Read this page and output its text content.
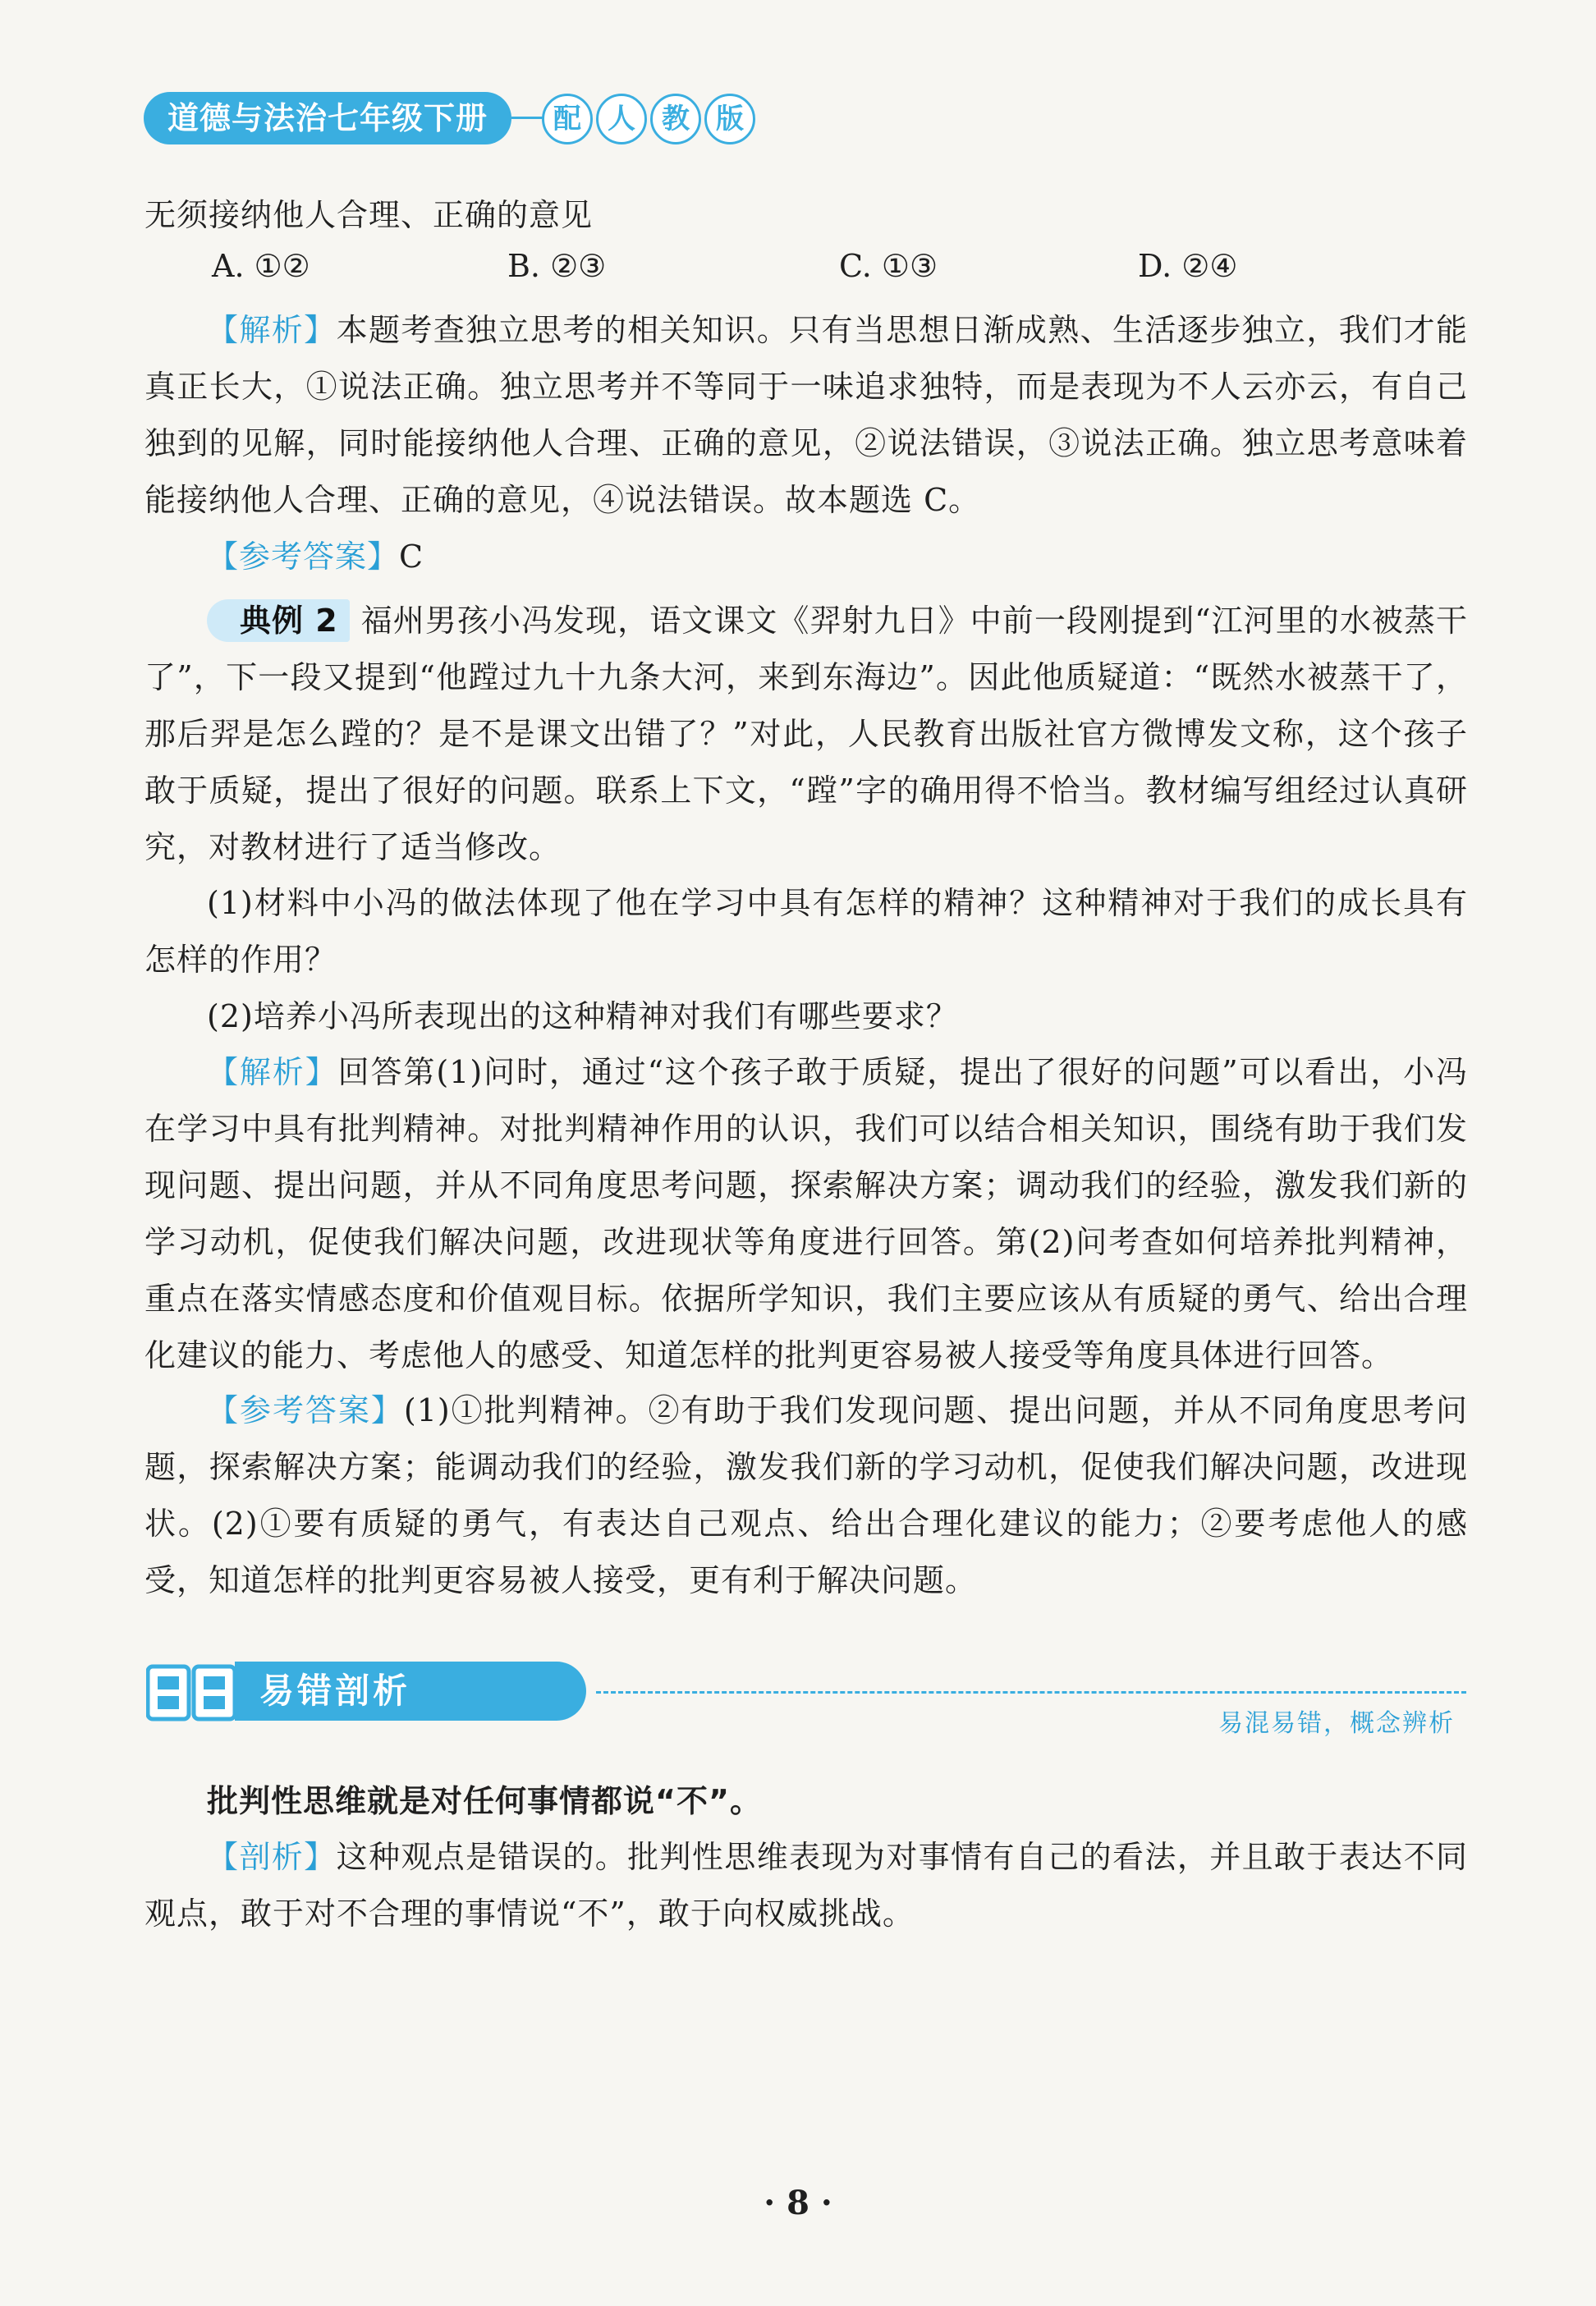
道德与法治七年级下册	配 人 教 版

无须接纳他人合理、正确的意见

A. ①②	B. ②③	C. ①③	D. ②④

【解析】本题考查独立思考的相关知识。只有当思想日渐成熟、生活逐步独立，我们才能真正长大，①说法正确。独立思考并不等同于一味追求独特，而是表现为不人云亦云，有自己独到的见解，同时能接纳他人合理、正确的意见，②说法错误，③说法正确。独立思考意味着能接纳他人合理、正确的意见，④说法错误。故本题选 C。

【参考答案】C

典例 2 福州男孩小冯发现，语文课文《羿射九日》中前一段刚提到“江河里的水被蒸干了”，下一段又提到“他蹚过九十九条大河，来到东海边”。因此他质疑道：“既然水被蒸干了，那后羿是怎么蹚的？是不是课文出错了？”对此，人民教育出版社官方微博发文称，这个孩子敢于质疑，提出了很好的问题。联系上下文，“蹚”字的确用得不恰当。教材编写组经过认真研究，对教材进行了适当修改。

(1)材料中小冯的做法体现了他在学习中具有怎样的精神？这种精神对于我们的成长具有怎样的作用？

(2)培养小冯所表现出的这种精神对我们有哪些要求？

【解析】回答第(1)问时，通过“这个孩子敢于质疑，提出了很好的问题”可以看出，小冯在学习中具有批判精神。对批判精神作用的认识，我们可以结合相关知识，围绕有助于我们发现问题、提出问题，并从不同角度思考问题，探索解决方案；调动我们的经验，激发我们新的学习动机，促使我们解决问题，改进现状等角度进行回答。第(2)问考查如何培养批判精神，重点在落实情感态度和价值观目标。依据所学知识，我们主要应该从有质疑的勇气、给出合理化建议的能力、考虑他人的感受、知道怎样的批判更容易被人接受等角度具体进行回答。

【参考答案】(1)①批判精神。②有助于我们发现问题、提出问题，并从不同角度思考问题，探索解决方案；能调动我们的经验，激发我们新的学习动机，促使我们解决问题，改进现状。(2)①要有质疑的勇气，有表达自己观点、给出合理化建议的能力；②要考虑他人的感受，知道怎样的批判更容易被人接受，更有利于解决问题。

易错剖析
易混易错，概念辨析

批判性思维就是对任何事情都说“不”。

【剖析】这种观点是错误的。批判性思维表现为对事情有自己的看法，并且敢于表达不同观点，敢于对不合理的事情说“不”，敢于向权威挑战。

· 8 ·
